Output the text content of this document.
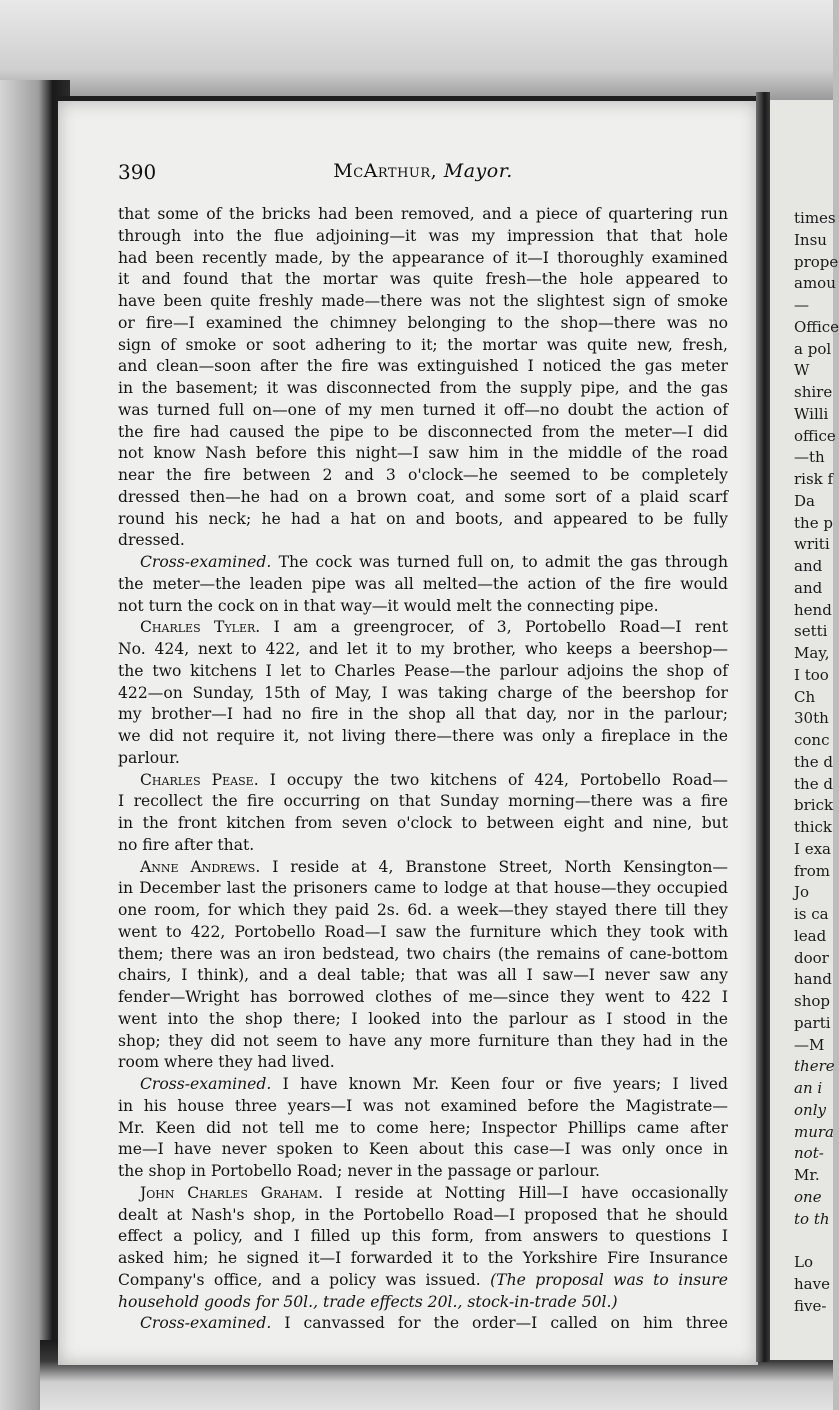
times
Insu
prope
amou
—
Office
a pol
W
shire
Willi
office
—th
risk f
Da
the p
writi
and
and
hend
setti
May,
I too
Ch
30th
conc
the d
the d
brick
thick
I exa
from
Jo
is ca
lead
door
hand
shop
parti
—M
there
an i
only
mura
not-
Mr.
one
to th
Lo
have
five-
390	McArthur, Mayor.
that some of the bricks had been removed, and a piece of quartering run
through into the flue adjoining—it was my impression that that hole
had been recently made, by the appearance of it—I thoroughly examined
it and found that the mortar was quite fresh—the hole appeared to
have been quite freshly made—there was not the slightest sign of smoke
or fire—I examined the chimney belonging to the shop—there was no
sign of smoke or soot adhering to it; the mortar was quite new, fresh,
and clean—soon after the fire was extinguished I noticed the gas meter
in the basement; it was disconnected from the supply pipe, and the gas
was turned full on—one of my men turned it off—no doubt the action of
the fire had caused the pipe to be disconnected from the meter—I did
not know Nash before this night—I saw him in the middle of the road
near the fire between 2 and 3 o'clock—he seemed to be completely
dressed then—he had on a brown coat, and some sort of a plaid scarf
round his neck; he had a hat on and boots, and appeared to be fully
dressed.
Cross-examined. The cock was turned full on, to admit the gas through
the meter—the leaden pipe was all melted—the action of the fire would
not turn the cock on in that way—it would melt the connecting pipe.
Charles Tyler. I am a greengrocer, of 3, Portobello Road—I rent
No. 424, next to 422, and let it to my brother, who keeps a beershop—
the two kitchens I let to Charles Pease—the parlour adjoins the shop of
422—on Sunday, 15th of May, I was taking charge of the beershop for
my brother—I had no fire in the shop all that day, nor in the parlour;
we did not require it, not living there—there was only a fireplace in the
parlour.
Charles Pease. I occupy the two kitchens of 424, Portobello Road—
I recollect the fire occurring on that Sunday morning—there was a fire
in the front kitchen from seven o'clock to between eight and nine, but
no fire after that.
Anne Andrews. I reside at 4, Branstone Street, North Kensington—
in December last the prisoners came to lodge at that house—they occupied
one room, for which they paid 2s. 6d. a week—they stayed there till they
went to 422, Portobello Road—I saw the furniture which they took with
them; there was an iron bedstead, two chairs (the remains of cane-bottom
chairs, I think), and a deal table; that was all I saw—I never saw any
fender—Wright has borrowed clothes of me—since they went to 422 I
went into the shop there; I looked into the parlour as I stood in the
shop; they did not seem to have any more furniture than they had in the
room where they had lived.
Cross-examined. I have known Mr. Keen four or five years; I lived
in his house three years—I was not examined before the Magistrate—
Mr. Keen did not tell me to come here; Inspector Phillips came after
me—I have never spoken to Keen about this case—I was only once in
the shop in Portobello Road; never in the passage or parlour.
John Charles Graham. I reside at Notting Hill—I have occasionally
dealt at Nash's shop, in the Portobello Road—I proposed that he should
effect a policy, and I filled up this form, from answers to questions I
asked him; he signed it—I forwarded it to the Yorkshire Fire Insurance
Company's office, and a policy was issued. (The proposal was to insure
household goods for 50l., trade effects 20l., stock-in-trade 50l.)
Cross-examined. I canvassed for the order—I called on him three
